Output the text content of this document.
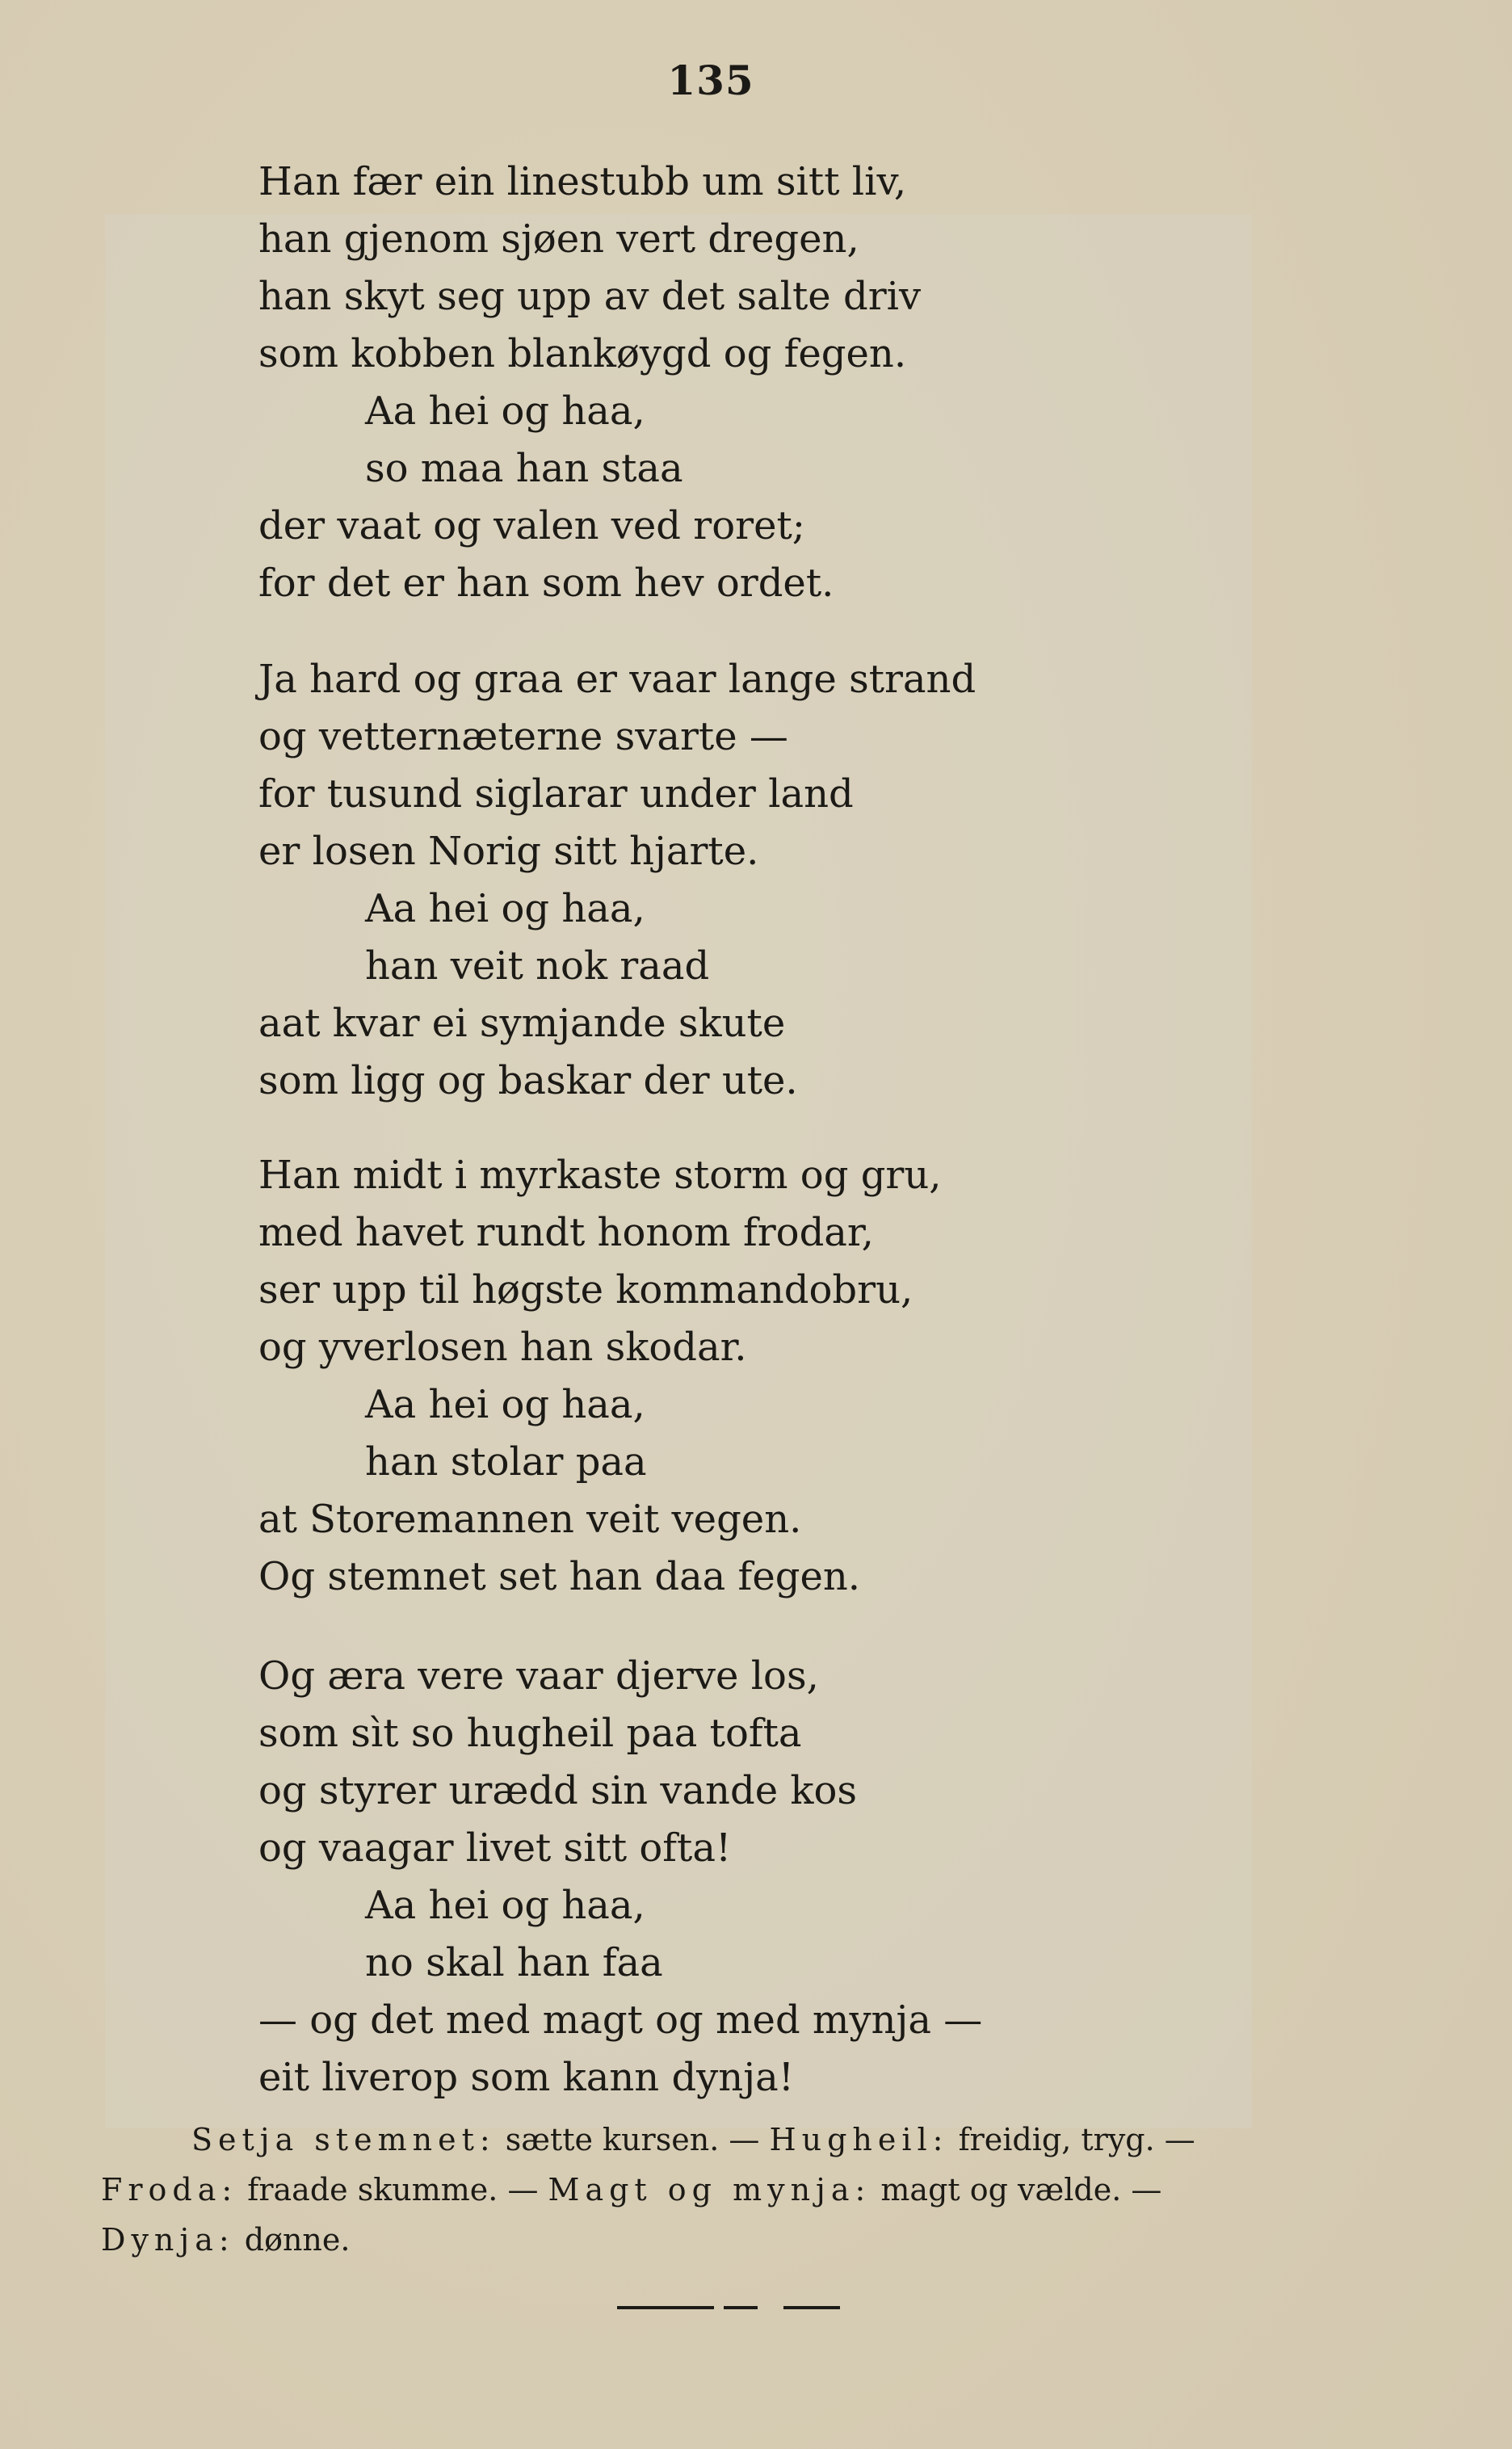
135
Han fær ein linestubb um sitt liv,
han gjenom sjøen vert dregen,
han skyt seg upp av det salte driv
som kobben blankøygd og fegen.
Aa hei og haa,
so maa han staa
der vaat og valen ved roret;
for det er han som hev ordet.
Ja hard og graa er vaar lange strand
og vetternæterne svarte —
for tusund siglarar under land
er losen Norig sitt hjarte.
Aa hei og haa,
han veit nok raad
aat kvar ei symjande skute
som ligg og baskar der ute.
Han midt i myrkaste storm og gru,
med havet rundt honom frodar,
ser upp til høgste kommandobru,
og yverlosen han skodar.
Aa hei og haa,
han stolar paa
at Storemannen veit vegen.
Og stemnet set han daa fegen.
Og æra vere vaar djerve los,
som sìt so hugheil paa tofta
og styrer urædd sin vande kos
og vaagar livet sitt ofta!
Aa hei og haa,
no skal han faa
— og det med magt og med mynja —
eit liverop som kann dynja!
Setja stemnet: sætte kursen. — Hugheil: freidig, tryg. —
Froda: fraade skumme. — Magt og mynja: magt og vælde. —
Dynja: dønne.
